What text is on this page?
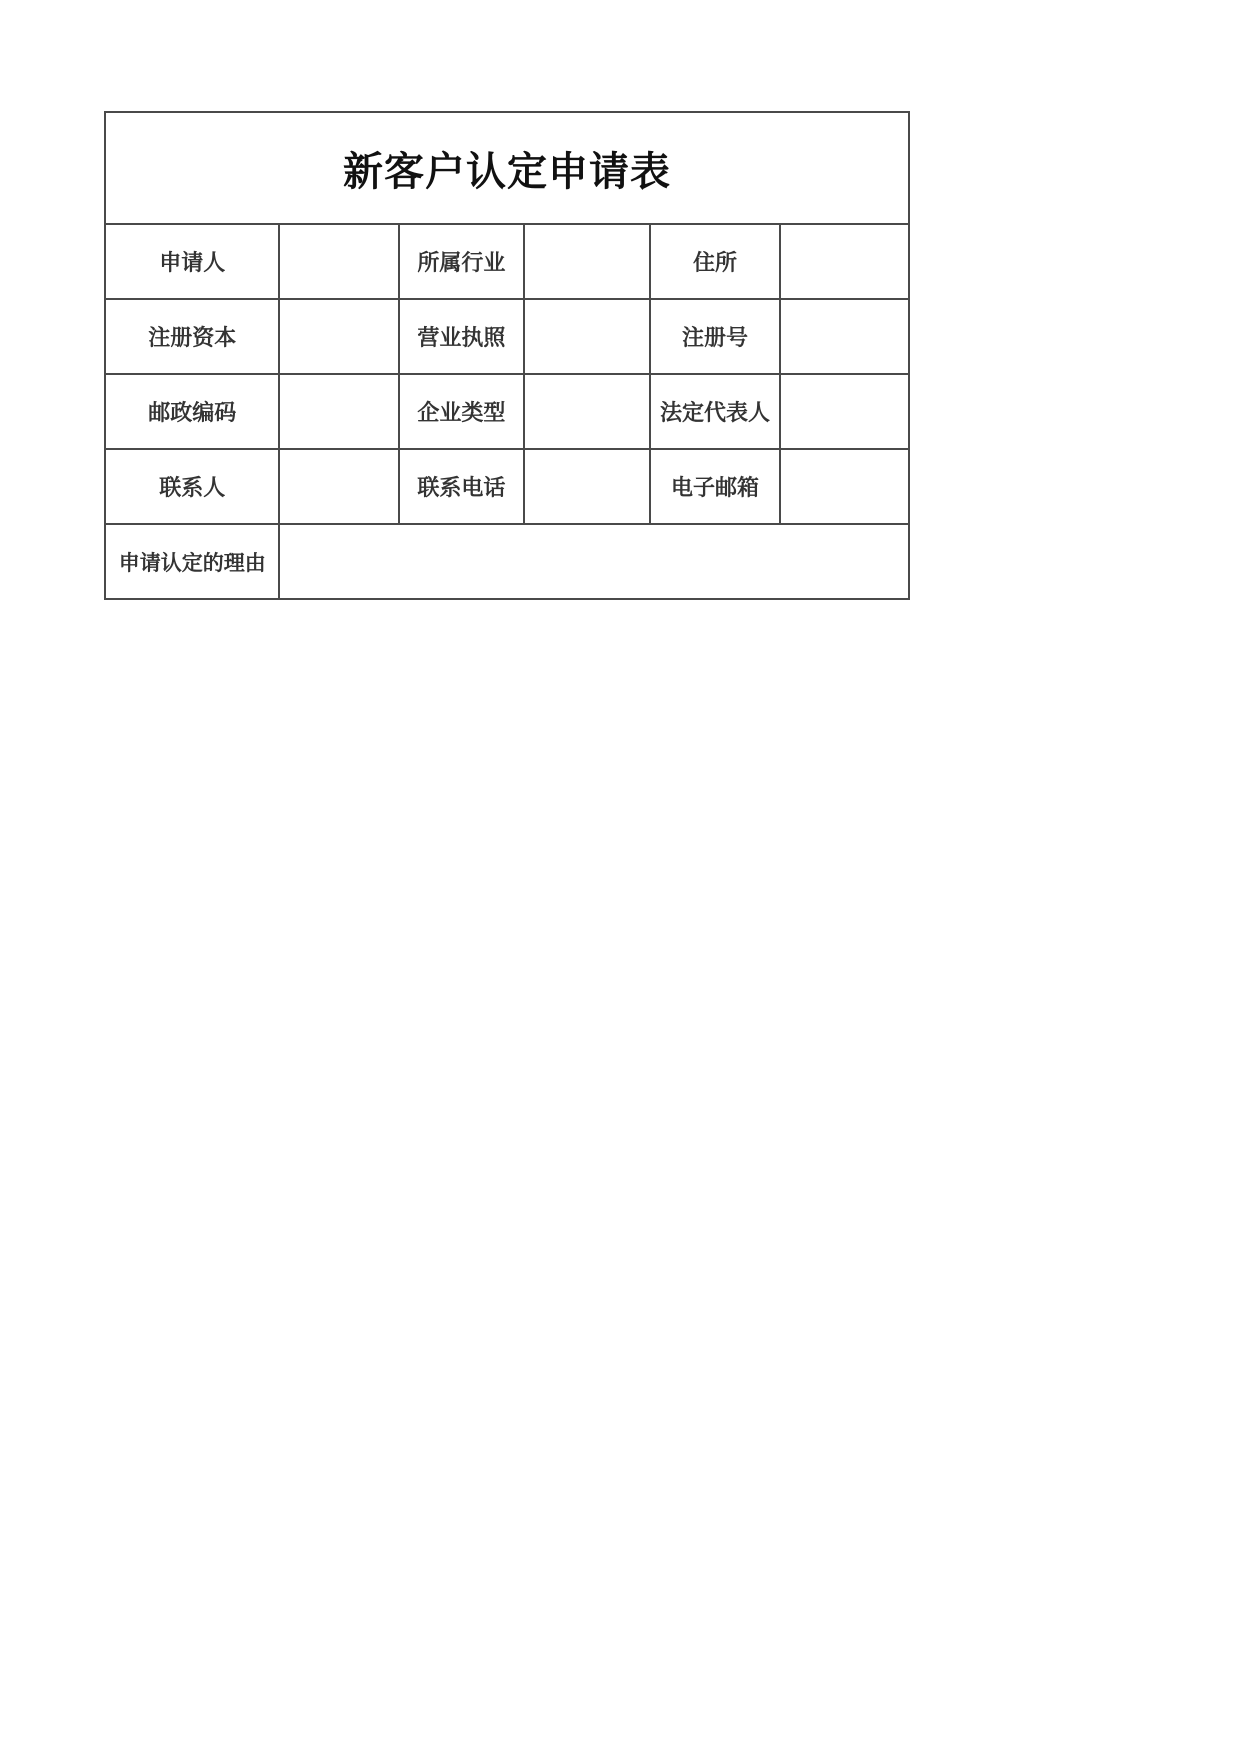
新客户认定申请表					
申请人		所属行业		住所	
注册资本		营业执照		注册号	
邮政编码		企业类型		法定代表人	
联系人		联系电话		电子邮箱	
申请认定的理由					
